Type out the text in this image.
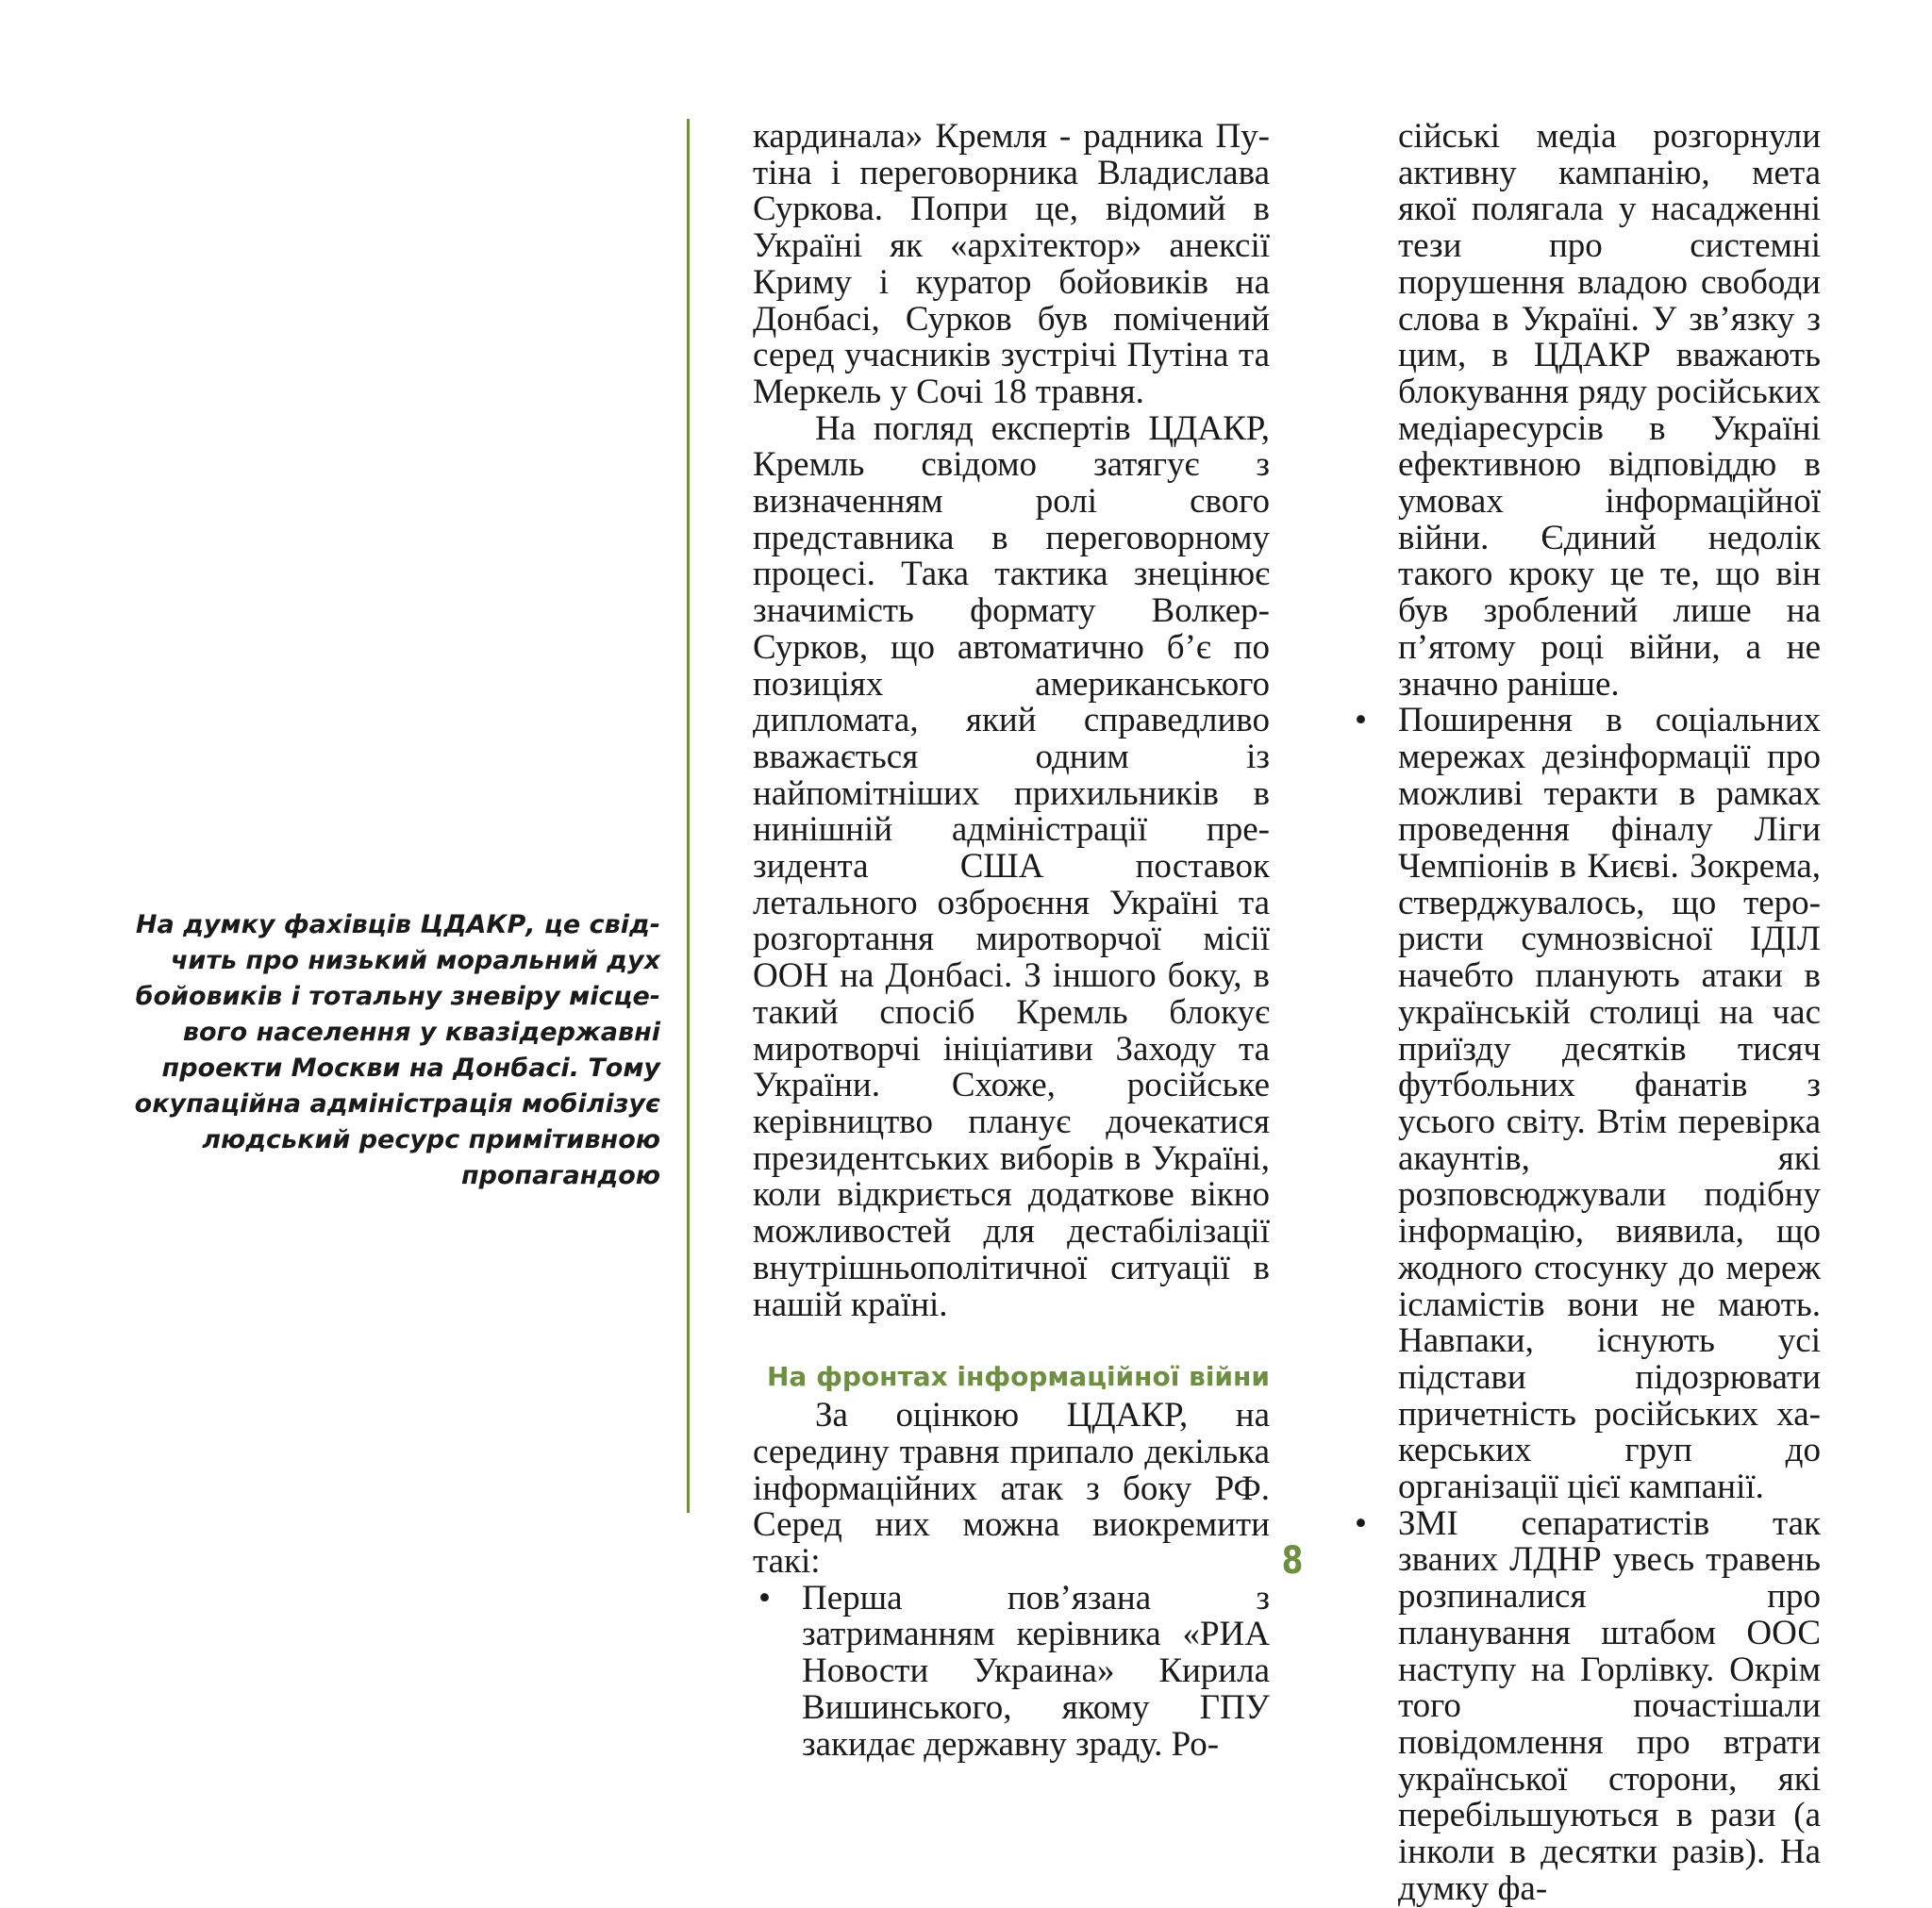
На думку фахівців ЦДАКР, це свід-чить про низький моральний дух бойовиків і тотальну зневіру місце-вого населення у квазідержавні проекти Москви на Донбасі. Тому окупаційна адміністрація мобілізує людський ресурс примітивною пропагандою

кардинала» Кремля - радника Путіна і переговорника Владислава Суркова. Попри це, відомий в Україні як «архітектор» анексії Криму і куратор бойовиків на Донбасі, Сурков був помічений серед учасників зустрічі Путіна та Меркель у Сочі 18 травня.

На погляд експертів ЦДАКР, Кремль свідомо затягує з визначенням ролі свого представника в переговорному процесі. Така тактика знецінює значимість формату Волкер-Сурков, що автоматично б’є по позиціях американського дипломата, який справедливо вважається одним із найпомітніших прихильників в нинішній адміністрації президента США поставок летального озброєння Україні та розгортання миротворчої місії ООН на Донбасі. З іншого боку, в такий спосіб Кремль блокує миротворчі ініціативи Заходу та України. Схоже, російське керівництво планує дочекатися президентських виборів в Україні, коли відкриється додаткове вікно можливостей для дестабілізації внутрішньополітичної ситуації в нашій країні.

На фронтах інформаційної війни

За оцінкою ЦДАКР, на середину травня припало декілька інформаційних атак з боку РФ. Серед них можна виокремити такі:

• Перша пов’язана з затриманням керівника «РИА Новости Украина» Кирила Вишинського, якому ГПУ закидає державну зраду. Ро-
сійські медіа розгорнули активну кампанію, мета якої полягала у насадженні тези про системні порушення владою свободи слова в Україні. У зв’язку з цим, в ЦДАКР вважають блокування ряду російських медіаресурсів в Україні ефективною відповіддю в умовах інформаційної війни. Єдиний недолік такого кроку це те, що він був зроблений лише на п’ятому році війни, а не значно раніше.
• Поширення в соціальних мережах дезінформації про можливі теракти в рамках проведення фіналу Ліги Чемпіонів в Києві. Зокрема, стверджувалось, що терористи сумнозвісної ІДІЛ начебто планують атаки в українській столиці на час приїзду десятків тисяч футбольних фанатів з усього світу. Втім перевірка акаунтів, які розповсюджували подібну інформацію, виявила, що жодного стосунку до мереж ісламістів вони не мають. Навпаки, існують усі підстави підозрювати причетність російських хакерських груп до організації цієї кампанії.
• ЗМІ сепаратистів так званих ЛДНР увесь травень розпиналися про планування штабом ООС наступу на Горлівку. Окрім того почастішали повідомлення про втрати української сторони, які перебільшуються в рази (а інколи в десятки разів). На думку фа-
8
